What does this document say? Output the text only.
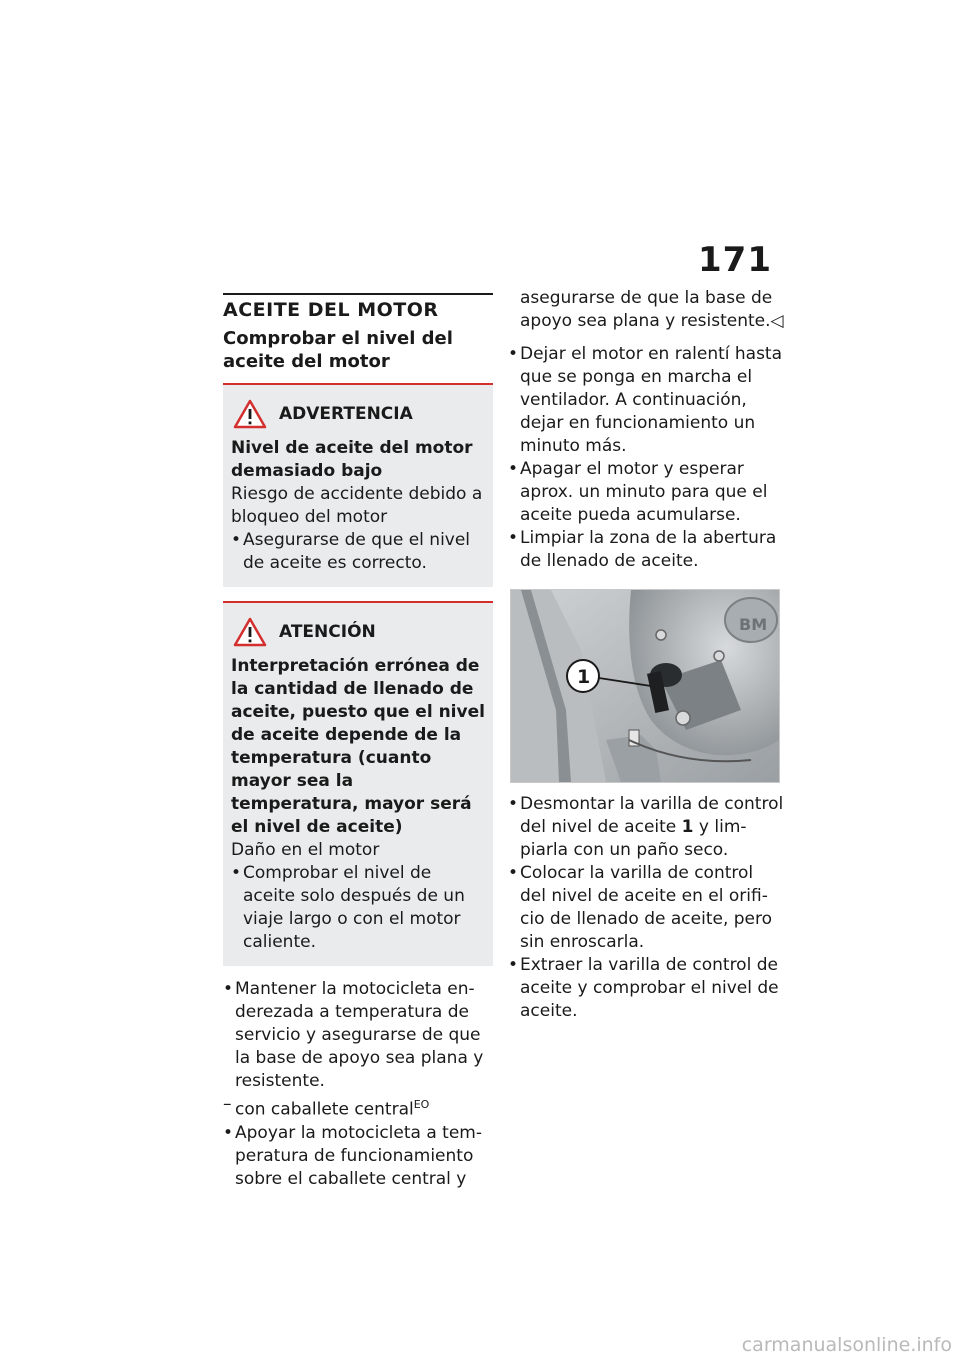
171
ACEITE DEL MOTOR
Comprobar el nivel del aceite del motor
ADVERTENCIA
Nivel de aceite del motor demasiado bajo
Riesgo de accidente debido a bloqueo del motor
• Asegurarse de que el nivel de aceite es correcto.
ATENCIÓN
Interpretación errónea de la cantidad de llenado de aceite, puesto que el nivel de aceite depende de la temperatura (cuanto mayor sea la temperatura, mayor será el nivel de aceite)
Daño en el motor
• Comprobar el nivel de aceite solo después de un viaje largo o con el motor caliente.
• Mantener la motocicleta en-derezada a temperatura de servicio y asegurarse de que la base de apoyo sea plana y resistente.
– con caballete central$^{EO}$
• Apoyar la motocicleta a tem-peratura de funcionamiento sobre el caballete central y
asegurarse de que la base de apoyo sea plana y resistente.◁
• Dejar el motor en ralentí hasta que se ponga en marcha el ventilador. A continuación, dejar en funcionamiento un minuto más.
• Apagar el motor y esperar aprox. un minuto para que el aceite pueda acumularse.
• Limpiar la zona de la abertura de llenado de aceite.
BM
1
• Desmontar la varilla de control del nivel de aceite 1 y lim-piarla con un paño seco.
• Colocar la varilla de control del nivel de aceite en el orifi-cio de llenado de aceite, pero sin enroscarla.
• Extraer la varilla de control de aceite y comprobar el nivel de aceite.
carmanualsonline.info
